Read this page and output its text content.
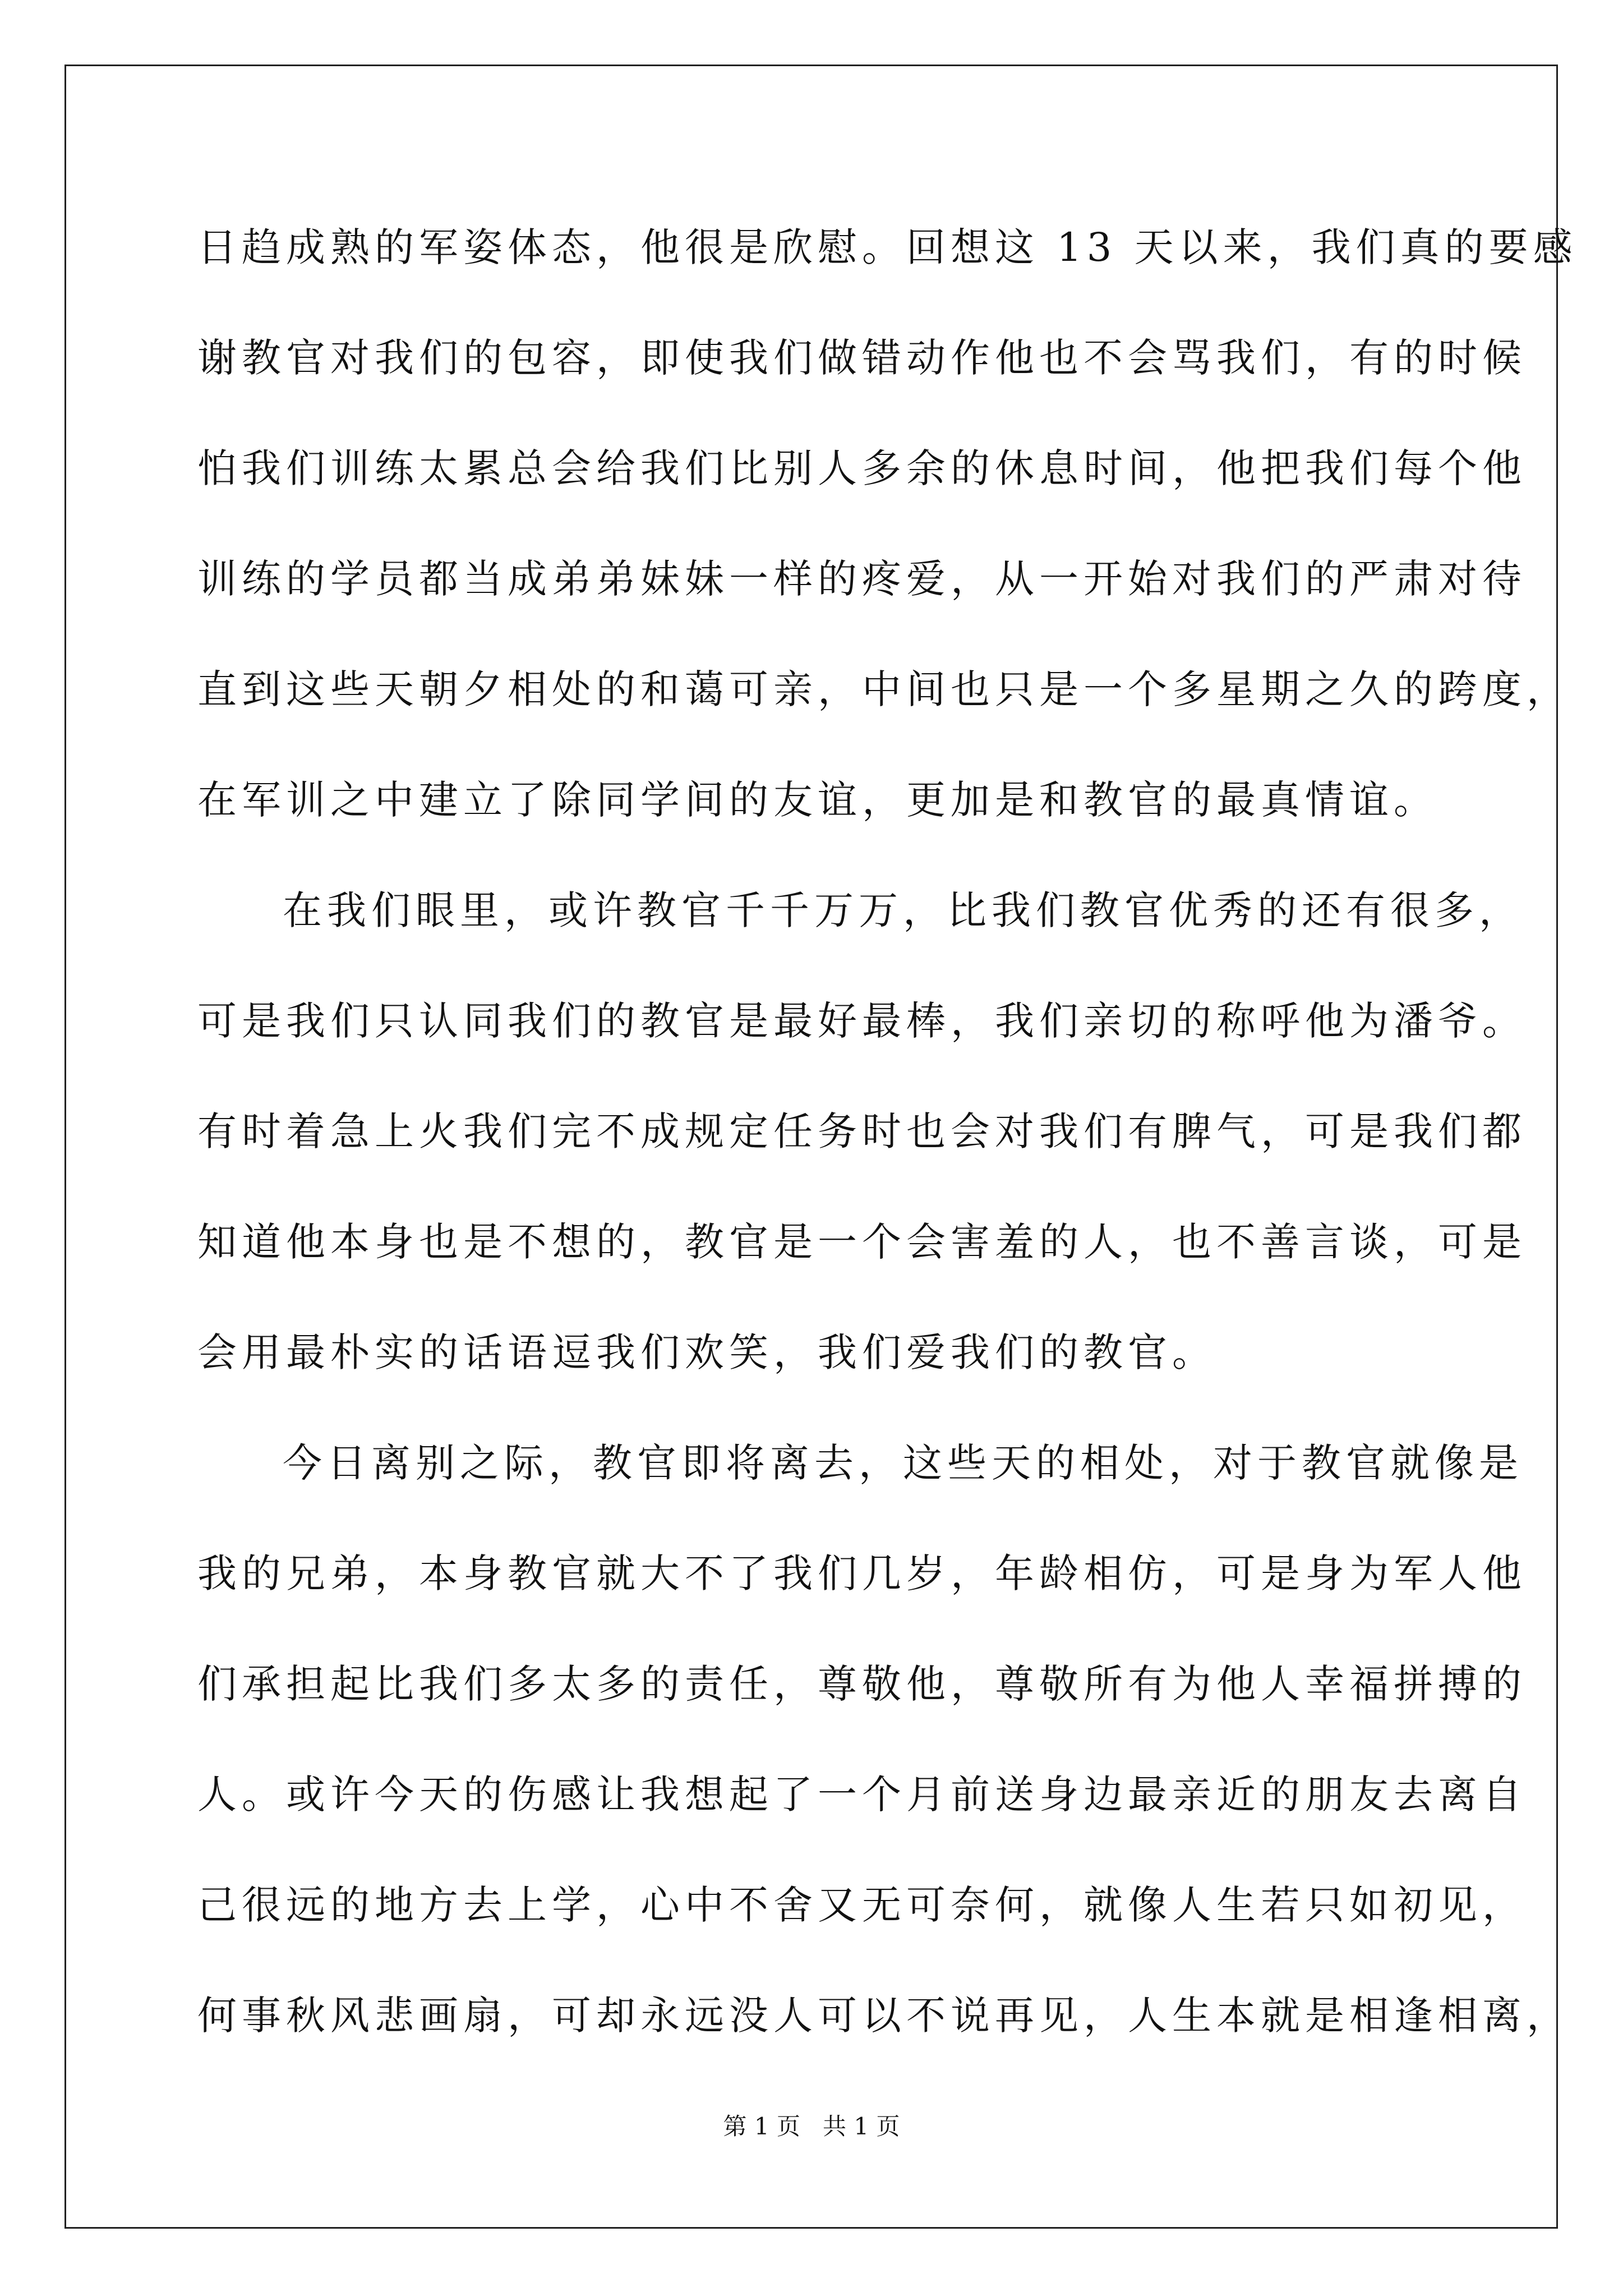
日趋成熟的军姿体态，他很是欣慰。回想这 13 天以来，我们真的要感

谢教官对我们的包容，即使我们做错动作他也不会骂我们，有的时候

怕我们训练太累总会给我们比别人多余的休息时间，他把我们每个他

训练的学员都当成弟弟妹妹一样的疼爱，从一开始对我们的严肃对待

直到这些天朝夕相处的和蔼可亲，中间也只是一个多星期之久的跨度，

在军训之中建立了除同学间的友谊，更加是和教官的最真情谊。

在我们眼里，或许教官千千万万，比我们教官优秀的还有很多，

可是我们只认同我们的教官是最好最棒，我们亲切的称呼他为潘爷。

有时着急上火我们完不成规定任务时也会对我们有脾气，可是我们都

知道他本身也是不想的，教官是一个会害羞的人，也不善言谈，可是

会用最朴实的话语逗我们欢笑，我们爱我们的教官。

今日离别之际，教官即将离去，这些天的相处，对于教官就像是

我的兄弟，本身教官就大不了我们几岁，年龄相仿，可是身为军人他

们承担起比我们多太多的责任，尊敬他，尊敬所有为他人幸福拼搏的

人。或许今天的伤感让我想起了一个月前送身边最亲近的朋友去离自

己很远的地方去上学，心中不舍又无可奈何，就像人生若只如初见，

何事秋风悲画扇，可却永远没人可以不说再见，人生本就是相逢相离，

第 1 页   共 1 页
